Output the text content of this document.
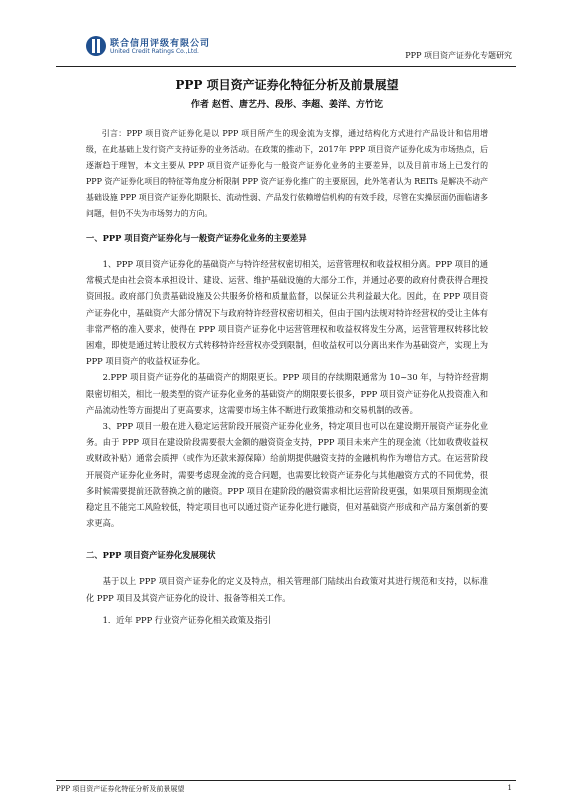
联合信用评级有限公司
United Credit Ratings Co.,Ltd.	PPP 项目资产证券化专题研究
PPP 项目资产证券化特征分析及前景展望
作者 赵哲、唐艺丹、段彤、李超、姜洋、方竹讫

引言：PPP 项目资产证券化是以 PPP 项目所产生的现金流为支撑，通过结构化方式进行产品设计和信用增级，在此基础上发行资产支持证券的业务活动。在政策的推动下，2017年 PPP 项目资产证券化成为市场热点，后逐渐趋于理智，本文主要从 PPP 项目资产证券化与一般资产证券化业务的主要差异，以及目前市场上已发行的 PPP 资产证券化项目的特征等角度分析限制 PPP 资产证券化推广的主要原因，此外笔者认为 REITs 是解决不动产基础设施 PPP 项目资产证券化期限长、流动性弱、产品发行依赖增信机构的有效手段，尽管在实操层面仍面临诸多问题，但仍不失为市场努力的方向。

一、PPP 项目资产证券化与一般资产证券化业务的主要差异

1、PPP 项目资产证券化的基础资产与特许经营权密切相关，运营管理权和收益权相分离。PPP 项目的通常模式是由社会资本承担设计、建设、运营、维护基础设施的大部分工作，并通过必要的政府付费获得合理投资回报。政府部门负责基础设施及公共服务价格和质量监督，以保证公共利益最大化。因此，在 PPP 项目资产证券化中，基础资产大部分情况下与政府特许经营权密切相关，但由于国内法规对特许经营权的受让主体有非常严格的准入要求，使得在 PPP 项目资产证券化中运营管理权和收益权将发生分离，运营管理权转移比较困难，即使是通过转让股权方式转移特许经营权亦受到限制，但收益权可以分离出来作为基础资产，实现上为 PPP 项目资产的收益权证券化。

2.PPP 项目资产证券化的基础资产的期限更长。PPP 项目的存续期限通常为 10~30 年，与特许经营期限密切相关，相比一般类型的资产证券化业务的基础资产的期限要长很多，PPP 项目资产证券化从投资准入和产品流动性等方面提出了更高要求，这需要市场主体不断进行政策推动和交易机制的改善。

3、PPP 项目一般在进入稳定运营阶段开展资产证券化业务，特定项目也可以在建设期开展资产证券化业务。由于 PPP 项目在建设阶段需要很大金额的融资资金支持，PPP 项目未来产生的现金流（比如收费收益权或财政补贴）通常会质押（或作为还款来源保障）给前期提供融资支持的金融机构作为增信方式。在运营阶段开展资产证券化业务时，需要考虑现金流的竞合问题，也需要比较资产证券化与其他融资方式的不同优势，很多时候需要提前还款替换之前的融资。PPP 项目在建阶段的融资需求相比运营阶段更强，如果项目预期现金流稳定且不能完工风险较低，特定项目也可以通过资产证券化进行融资，但对基础资产形成和产品方案创新的要求更高。

二、PPP 项目资产证券化发展现状

基于以上 PPP 项目资产证券化的定义及特点，相关管理部门陆续出台政策对其进行规范和支持，以标准化 PPP 项目及其资产证券化的设计、报备等相关工作。

1．近年 PPP 行业资产证券化相关政策及指引
PPP 项目资产证券化特征分析及前景展望	1
